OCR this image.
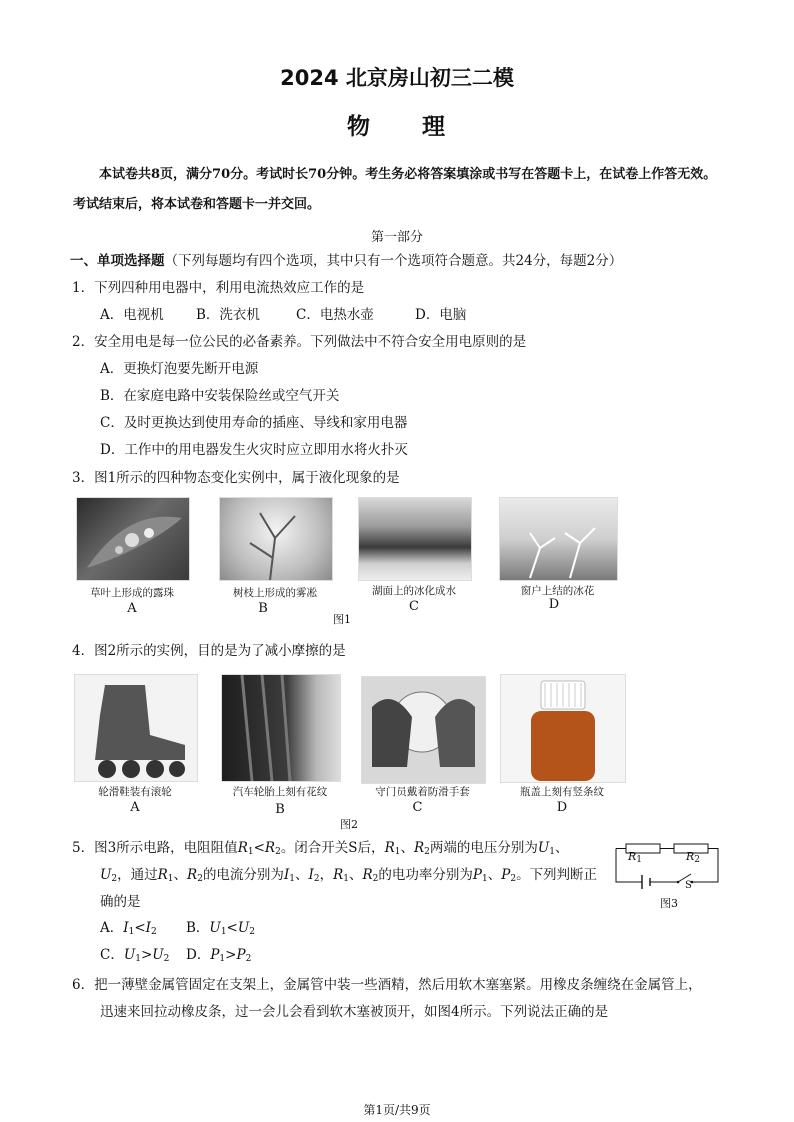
2024 北京房山初三二模
物　　理
本试卷共8页，满分70分。考试时长70分钟。考生务必将答案填涂或书写在答题卡上，在试卷上作答无效。考试结束后，将本试卷和答题卡一并交回。
第一部分
一、单项选择题（下列每题均有四个选项，其中只有一个选项符合题意。共24分，每题2分）
1．下列四种用电器中，利用电流热效应工作的是
A．电视机 B．洗衣机	C．电热水壶	D．电脑
2．安全用电是每一位公民的必备素养。下列做法中不符合安全用电原则的是
A．更换灯泡要先断开电源
B．在家庭电路中安装保险丝或空气开关
C．及时更换达到使用寿命的插座、导线和家用电器
D．工作中的用电器发生火灾时应立即用水将火扑灭
3．图1所示的四种物态变化实例中，属于液化现象的是
草叶上形成的露珠	树枝上形成的雾凇	湖面上的冰化成水	窗户上结的冰花
A	B	C	D
图1
4．图2所示的实例，目的是为了减小摩擦的是
轮滑鞋装有滚轮	汽车轮胎上刻有花纹	守门员戴着防滑手套	瓶盖上刻有竖条纹
A	B	C	D
图2
5．图3所示电路，电阻阻值$R_1<R_2$。闭合开关S后，$R_1$、$R_2$两端的电压分别为$U_1$、
$U_2$，通过$R_1$、$R_2$的电流分别为$I_1$、$I_2$，$R_1$、$R_2$的电功率分别为$P_1$、$P_2$。下列判断正
确的是
A．$I_1<I_2$ B．$U_1<U_2$
C．$U_1>U_2$ D．$P_1>P_2$
$R_1$	$R_2$
S
图3
6．把一薄壁金属管固定在支架上，金属管中装一些酒精，然后用软木塞塞紧。用橡皮条缠绕在金属管上，
迅速来回拉动橡皮条，过一会儿会看到软木塞被顶开，如图4所示。下列说法正确的是
第1页/共9页
